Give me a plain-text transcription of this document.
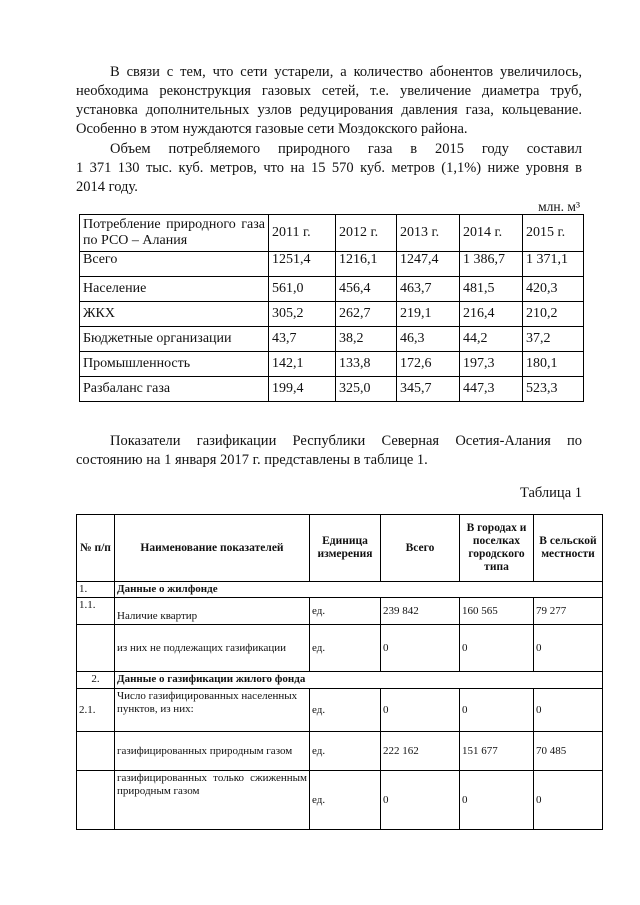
В связи с тем, что сети устарели, а количество абонентов увеличилось,
необходима реконструкция газовых сетей, т.е. увеличение диаметра труб,
установка дополнительных узлов редуцирования давления газа, кольцевание.
Особенно в этом нуждаются газовые сети Моздокского района.
Объем потребляемого природного газа в 2015 году составил
1 371 130 тыс. куб. метров, что на 15 570 куб. метров (1,1%) ниже уровня в
2014 году.
млн. м³
Потребление природного газа по РСО – Алания	2011 г.	2012 г.	2013 г.	2014 г.	2015 г.
Всего	1251,4	1216,1	1247,4	1 386,7	1 371,1
Население	561,0	456,4	463,7	481,5	420,3
ЖКХ	305,2	262,7	219,1	216,4	210,2
Бюджетные организации	43,7	38,2	46,3	44,2	37,2
Промышленность	142,1	133,8	172,6	197,3	180,1
Разбаланс газа	199,4	325,0	345,7	447,3	523,3
Показатели газификации Республики Северная Осетия-Алания по
состоянию на 1 января 2017 г. представлены в таблице 1.
Таблица 1
№ п/п	Наименование показателей	Единица измерения	Всего	В городах и поселках городского типа	В сельской местности
1.	Данные о жилфонде				
1.1.	Наличие квартир	ед.	239 842	160 565	79 277
	из них не подлежащих газификации	ед.	0	0	0
2.	Данные о газификации жилого фонда				
2.1.	Число газифицированных населенных пунктов, из них:	ед.	0	0	0
	газифицированных природным газом	ед.	222 162	151 677	70 485
	газифицированных только сжиженным природным газом	ед.	0	0	0
